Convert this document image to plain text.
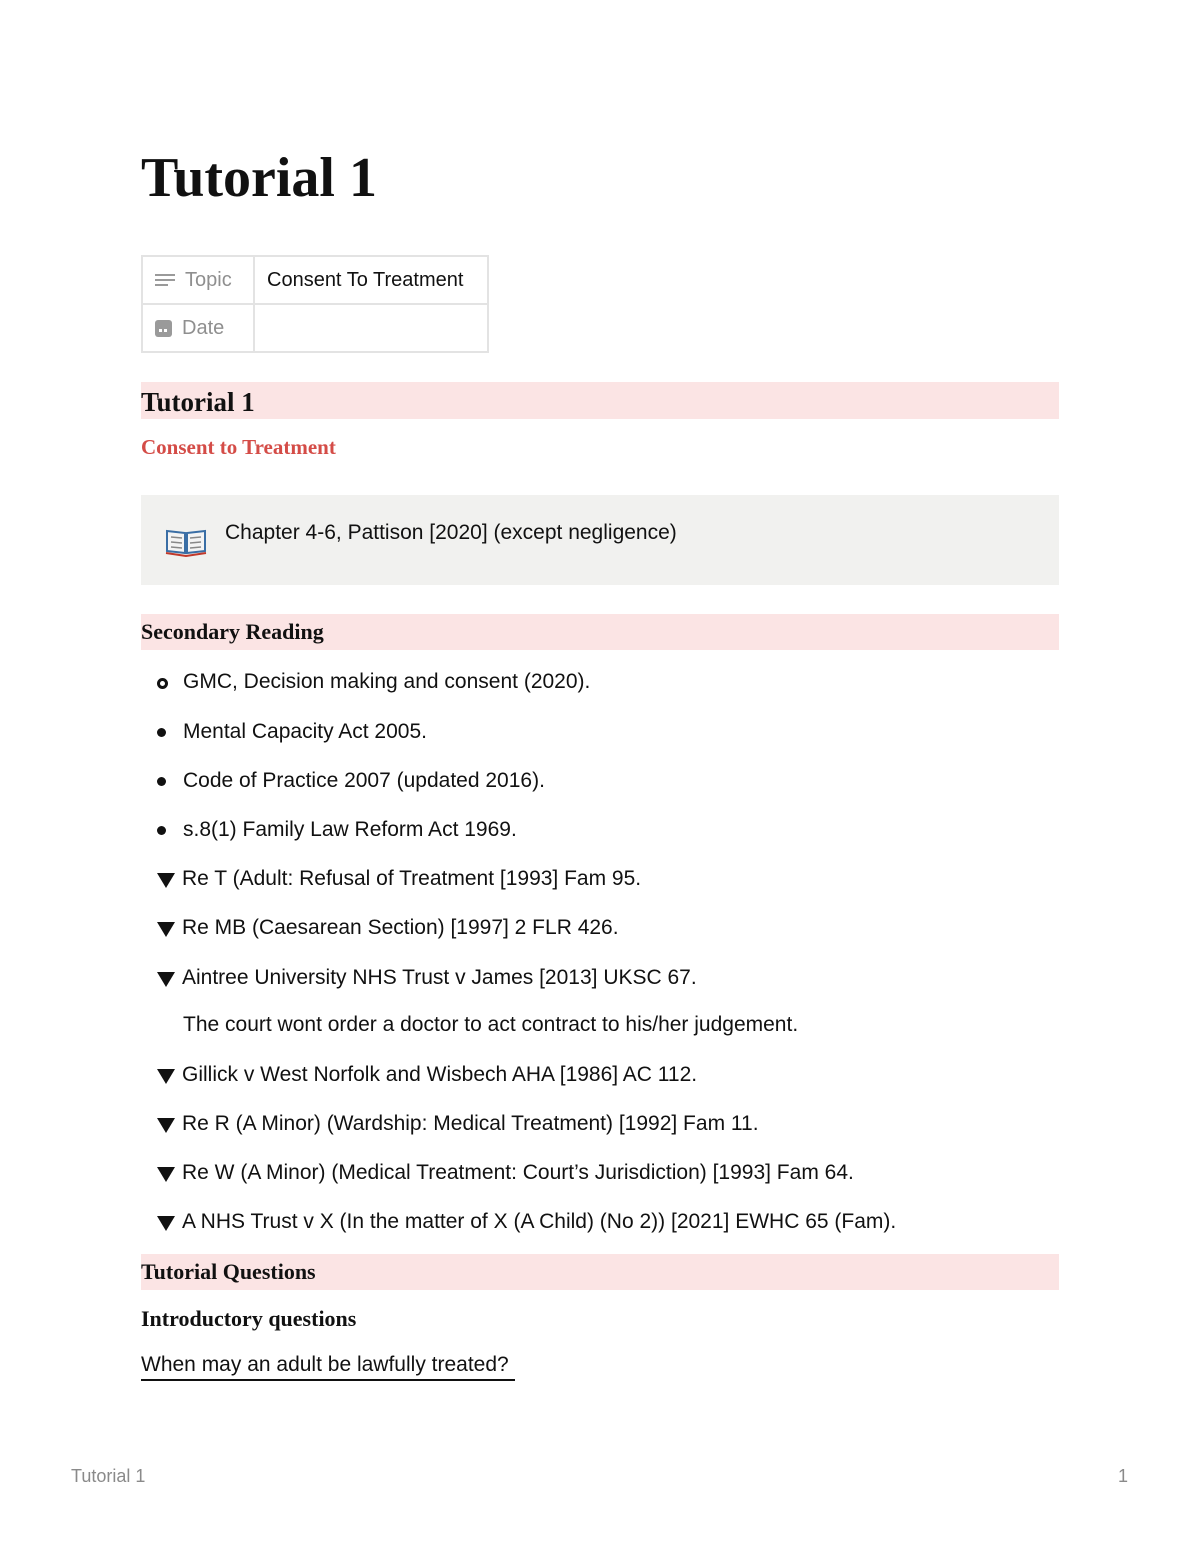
Tutorial 1
Topic	Consent To Treatment

Date	

Tutorial 1
Consent to Treatment
Chapter 4-6, Pattison [2020] (except negligence)
Secondary Reading
GMC, Decision making and consent (2020).
Mental Capacity Act 2005.
Code of Practice 2007 (updated 2016).
s.8(1) Family Law Reform Act 1969.
Re T (Adult: Refusal of Treatment [1993] Fam 95.
Re MB (Caesarean Section) [1997] 2 FLR 426.
Aintree University NHS Trust v James [2013] UKSC 67.
The court wont order a doctor to act contract to his/her judgement.
Gillick v West Norfolk and Wisbech AHA [1986] AC 112.
Re R (A Minor) (Wardship: Medical Treatment) [1992] Fam 11.
Re W (A Minor) (Medical Treatment: Court’s Jurisdiction) [1993] Fam 64.
A NHS Trust v X (In the matter of X (A Child) (No 2)) [2021] EWHC 65 (Fam).
Tutorial Questions
Introductory questions
When may an adult be lawfully treated?
Tutorial 1	1
